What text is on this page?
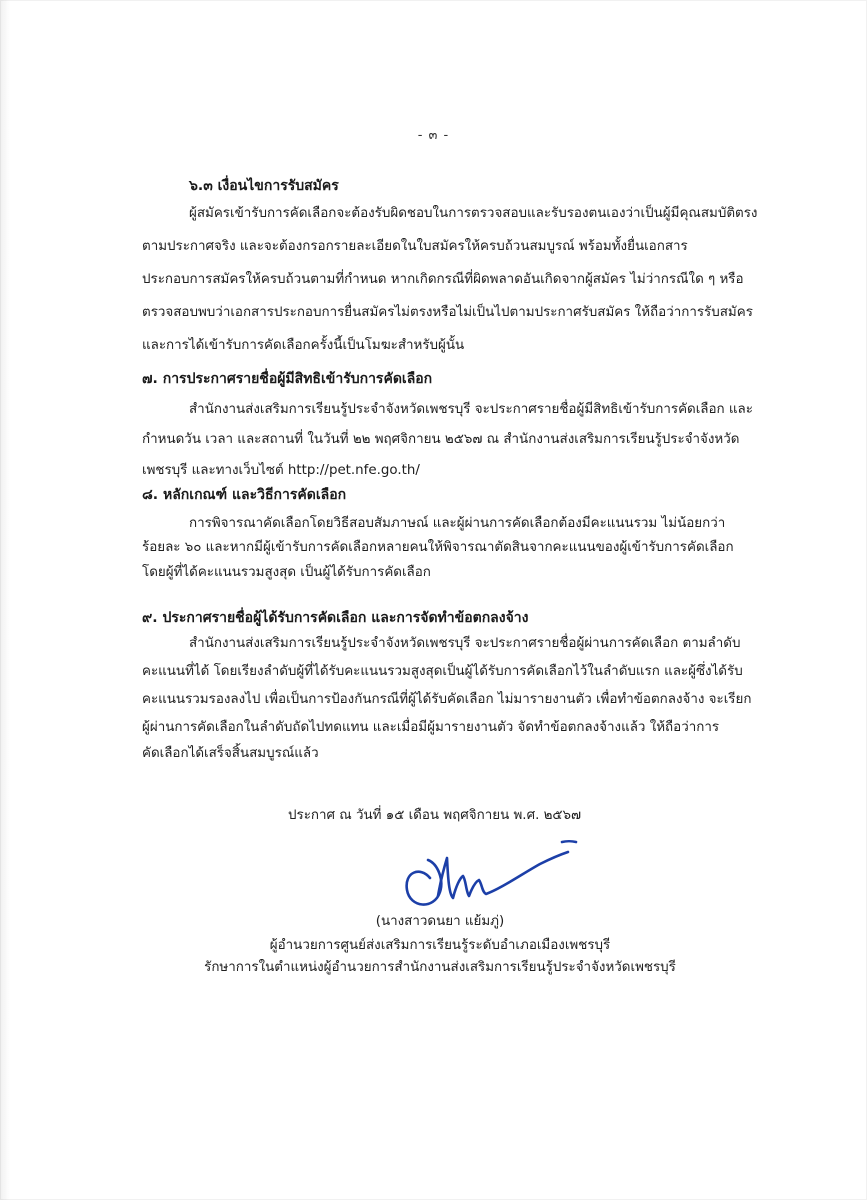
- ๓ -
๖.๓ เงื่อนไขการรับสมัคร
ผู้สมัครเข้ารับการคัดเลือกจะต้องรับผิดชอบในการตรวจสอบและรับรองตนเองว่าเป็นผู้มีคุณสมบัติตรง
ตามประกาศจริง และจะต้องกรอกรายละเอียดในใบสมัครให้ครบถ้วนสมบูรณ์ พร้อมทั้งยื่นเอกสาร
ประกอบการสมัครให้ครบถ้วนตามที่กำหนด หากเกิดกรณีที่ผิดพลาดอันเกิดจากผู้สมัคร ไม่ว่ากรณีใด ๆ หรือ
ตรวจสอบพบว่าเอกสารประกอบการยื่นสมัครไม่ตรงหรือไม่เป็นไปตามประกาศรับสมัคร ให้ถือว่าการรับสมัคร
และการได้เข้ารับการคัดเลือกครั้งนี้เป็นโมฆะสำหรับผู้นั้น
๗. การประกาศรายชื่อผู้มีสิทธิเข้ารับการคัดเลือก
สำนักงานส่งเสริมการเรียนรู้ประจำจังหวัดเพชรบุรี จะประกาศรายชื่อผู้มีสิทธิเข้ารับการคัดเลือก และ
กำหนดวัน เวลา และสถานที่ ในวันที่ ๒๒ พฤศจิกายน ๒๕๖๗ ณ สำนักงานส่งเสริมการเรียนรู้ประจำจังหวัด
เพชรบุรี และทางเว็บไซต์ http://pet.nfe.go.th/
๘. หลักเกณฑ์ และวิธีการคัดเลือก
การพิจารณาคัดเลือกโดยวิธีสอบสัมภาษณ์ และผู้ผ่านการคัดเลือกต้องมีคะแนนรวม ไม่น้อยกว่า
ร้อยละ ๖๐ และหากมีผู้เข้ารับการคัดเลือกหลายคนให้พิจารณาตัดสินจากคะแนนของผู้เข้ารับการคัดเลือก
โดยผู้ที่ได้คะแนนรวมสูงสุด เป็นผู้ได้รับการคัดเลือก
๙. ประกาศรายชื่อผู้ได้รับการคัดเลือก และการจัดทำข้อตกลงจ้าง
สำนักงานส่งเสริมการเรียนรู้ประจำจังหวัดเพชรบุรี จะประกาศรายชื่อผู้ผ่านการคัดเลือก ตามลำดับ
คะแนนที่ได้ โดยเรียงลำดับผู้ที่ได้รับคะแนนรวมสูงสุดเป็นผู้ได้รับการคัดเลือกไว้ในลำดับแรก และผู้ซึ่งได้รับ
คะแนนรวมรองลงไป เพื่อเป็นการป้องกันกรณีที่ผู้ได้รับคัดเลือก ไม่มารายงานตัว เพื่อทำข้อตกลงจ้าง จะเรียก
ผู้ผ่านการคัดเลือกในลำดับถัดไปทดแทน และเมื่อมีผู้มารายงานตัว จัดทำข้อตกลงจ้างแล้ว ให้ถือว่าการ
คัดเลือกได้เสร็จสิ้นสมบูรณ์แล้ว
ประกาศ ณ วันที่ ๑๕ เดือน พฤศจิกายน พ.ศ. ๒๕๖๗
(นางสาวดนยา แย้มภู่)
ผู้อำนวยการศูนย์ส่งเสริมการเรียนรู้ระดับอำเภอเมืองเพชรบุรี
รักษาการในตำแหน่งผู้อำนวยการสำนักงานส่งเสริมการเรียนรู้ประจำจังหวัดเพชรบุรี
